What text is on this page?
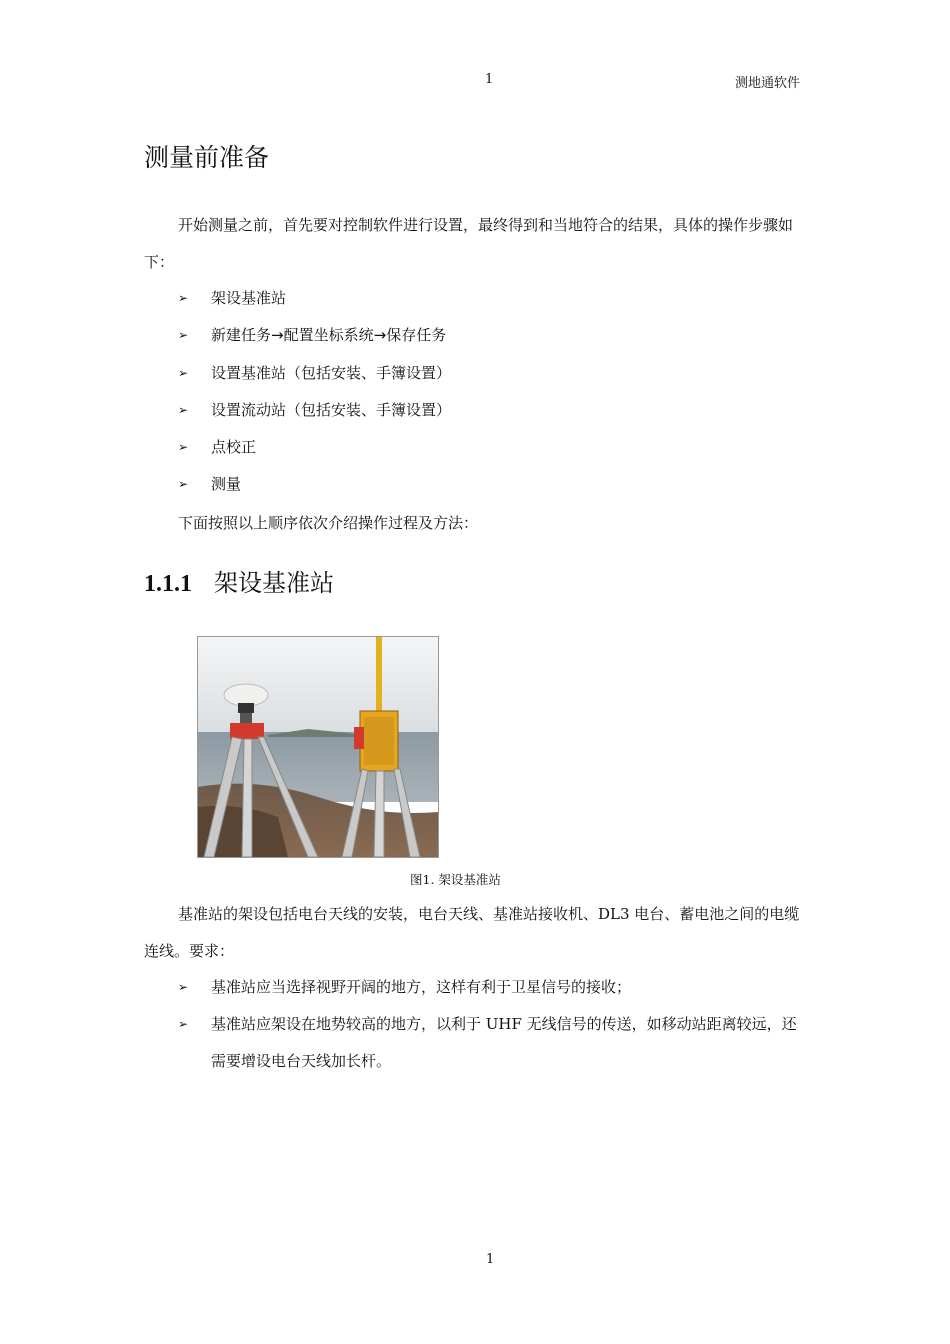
1	测地通软件
测量前准备
开始测量之前，首先要对控制软件进行设置，最终得到和当地符合的结果，具体的操作步骤如下：
➢	架设基准站
➢	新建任务 → 配置坐标系统 → 保存任务
➢	设置基准站（包括安装、手簿设置）
➢	设置流动站（包括安装、手簿设置）
➢	点校正
➢	测量
下面按照以上顺序依次介绍操作过程及方法：
1.1.1 架设基准站
图1. 架设基准站
基准站的架设包括电台天线的安装，电台天线、基准站接收机、DL3 电台、蓄电池之间的电缆连线。要求：
➢	基准站应当选择视野开阔的地方，这样有利于卫星信号的接收；
➢	基准站应架设在地势较高的地方，以利于 UHF 无线信号的传送，如移动站距离较远，还需要增设电台天线加长杆。
1
